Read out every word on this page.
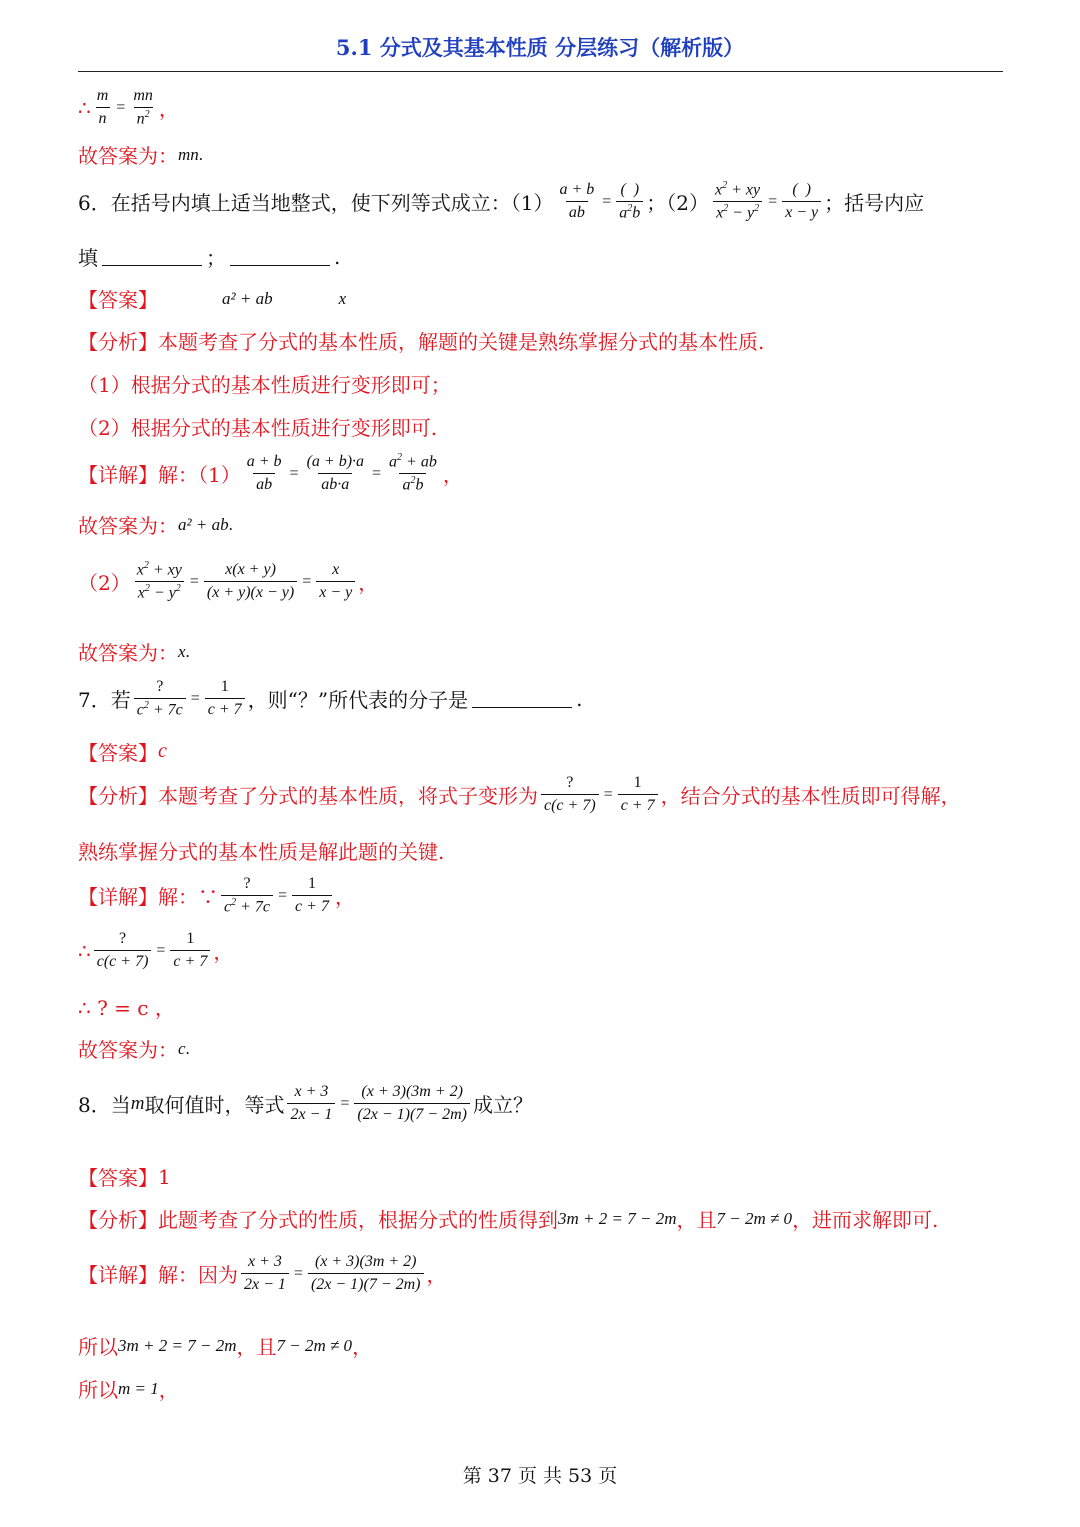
5.1 分式及其基本性质 分层练习（解析版）
∴ $\frac{m}{n} = \frac{mn}{n^2}$ ，
故答案为： mn .
6．在括号内填上适当地整式，使下列等式成立：$(1) \frac{a + b}{ab} = \frac{( )}{a^2b}$ ；$(2) \frac{x^2 + xy}{x^2 - y^2} = \frac{( )}{x - y}$ ；括号内应
填	；	.
【答案】	a² + ab	x
【分析】本题考查了分式的基本性质，解题的关键是熟练掌握分式的基本性质.
（1）根据分式的基本性质进行变形即可；
（2）根据分式的基本性质进行变形即可.
【详解】 解：$(1) \frac{a + b}{ab} = \frac{(a + b)\cdot a}{ab\cdot a} = \frac{a^2 + ab}{a^2b}$ ，
故答案为： a² + ab .
$(2) \frac{x^2 + xy}{x^2 - y^2} = \frac{x(x + y)}{(x + y)(x - y)} = \frac{x}{x - y}$ ，
故答案为： x .
7．若 $\frac{?}{c^2 + 7c} = \frac{1}{c + 7}$ ，则“？”所代表的分子是	.
【答案】 c
【分析】本题考查了分式的基本性质，将式子变形为 $\frac{?}{c(c + 7)} = \frac{1}{c + 7}$ ，结合分式的基本性质即可得解，
熟练掌握分式的基本性质是解此题的关键.
【详解】 解：∵ $\frac{?}{c^2 + 7c} = \frac{1}{c + 7}$ ，
∴ $\frac{?}{c(c + 7)} = \frac{1}{c + 7}$ ，
∴ ? = c ，
故答案为： c .
8．当 m 取何值时，等式 $\frac{x + 3}{2x - 1} = \frac{(x + 3)(3m + 2)}{(2x - 1)(7 - 2m)}$ 成立？
【答案】 1
【分析】此题考查了分式的性质，根据分式的性质得到 3m + 2 = 7 − 2m ，且 7 − 2m ≠ 0 ，进而求解即可.
【详解】 解：因为 $\frac{x + 3}{2x - 1} = \frac{(x + 3)(3m + 2)}{(2x - 1)(7 - 2m)}$ ，
所以 3m + 2 = 7 − 2m ，且 7 − 2m ≠ 0 ，
所以 m = 1 ，
第 37 页 共 53 页
